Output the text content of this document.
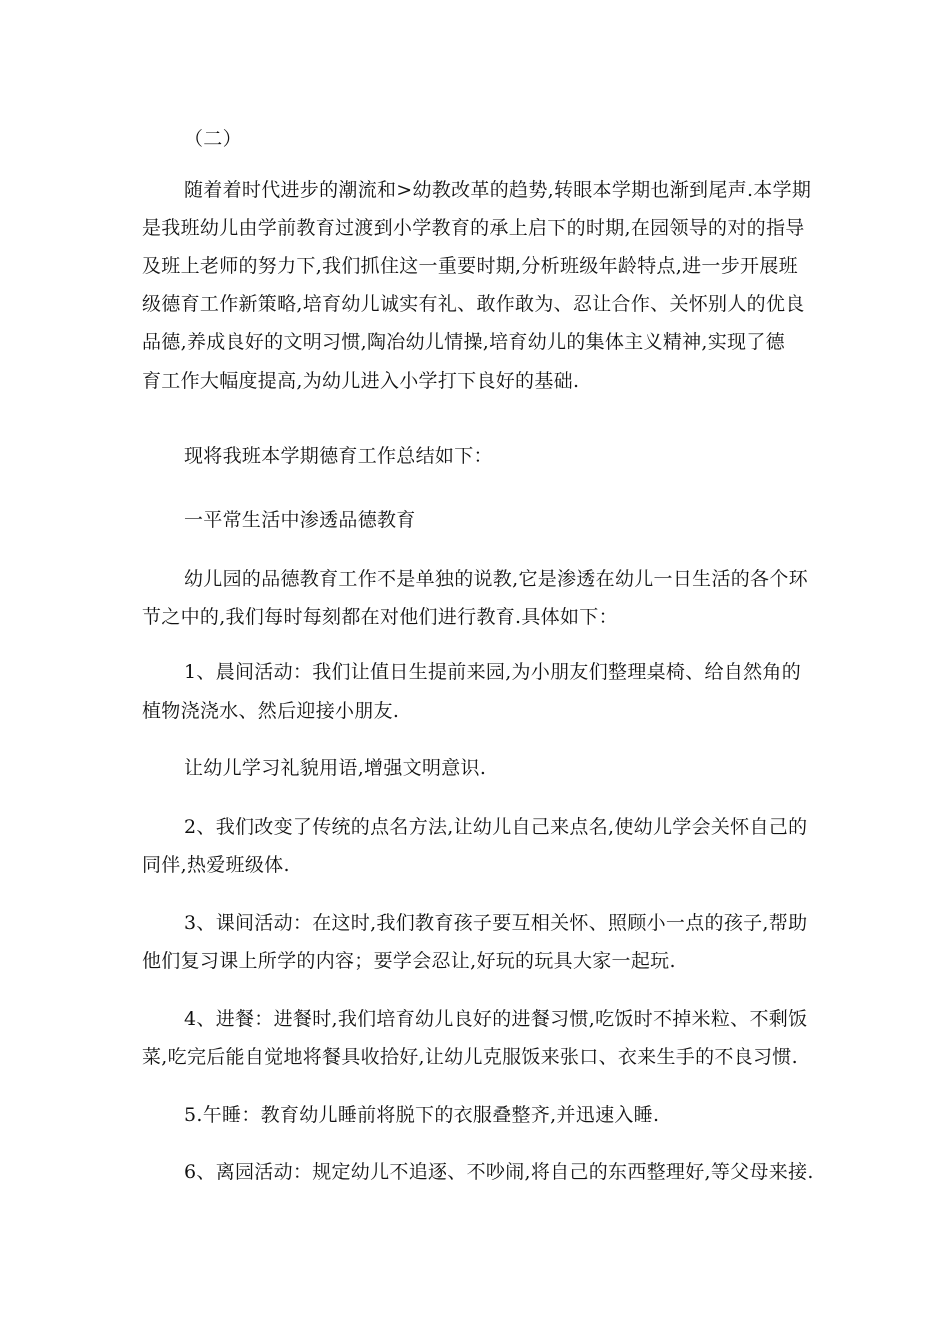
（二）
随着着时代进步的潮流和>幼教改革的趋势,转眼本学期也渐到尾声.本学期
是我班幼儿由学前教育过渡到小学教育的承上启下的时期,在园领导的对的指导
及班上老师的努力下,我们抓住这一重要时期,分析班级年龄特点,进一步开展班
级德育工作新策略,培育幼儿诚实有礼、敢作敢为、忍让合作、关怀别人的优良
品德,养成良好的文明习惯,陶冶幼儿情操,培育幼儿的集体主义精神,实现了德
育工作大幅度提高,为幼儿进入小学打下良好的基础.
现将我班本学期德育工作总结如下：
一平常生活中渗透品德教育
幼儿园的品德教育工作不是单独的说教,它是渗透在幼儿一日生活的各个环
节之中的,我们每时每刻都在对他们进行教育.具体如下：
1、晨间活动：我们让值日生提前来园,为小朋友们整理桌椅、给自然角的
植物浇浇水、然后迎接小朋友.
让幼儿学习礼貌用语,增强文明意识.
2、我们改变了传统的点名方法,让幼儿自己来点名,使幼儿学会关怀自己的
同伴,热爱班级体.
3、课间活动：在这时,我们教育孩子要互相关怀、照顾小一点的孩子,帮助
他们复习课上所学的内容；要学会忍让,好玩的玩具大家一起玩.
4、进餐：进餐时,我们培育幼儿良好的进餐习惯,吃饭时不掉米粒、不剩饭
菜,吃完后能自觉地将餐具收拾好,让幼儿克服饭来张口、衣来生手的不良习惯.
5.午睡：教育幼儿睡前将脱下的衣服叠整齐,并迅速入睡.
6、离园活动：规定幼儿不追逐、不吵闹,将自己的东西整理好,等父母来接.
